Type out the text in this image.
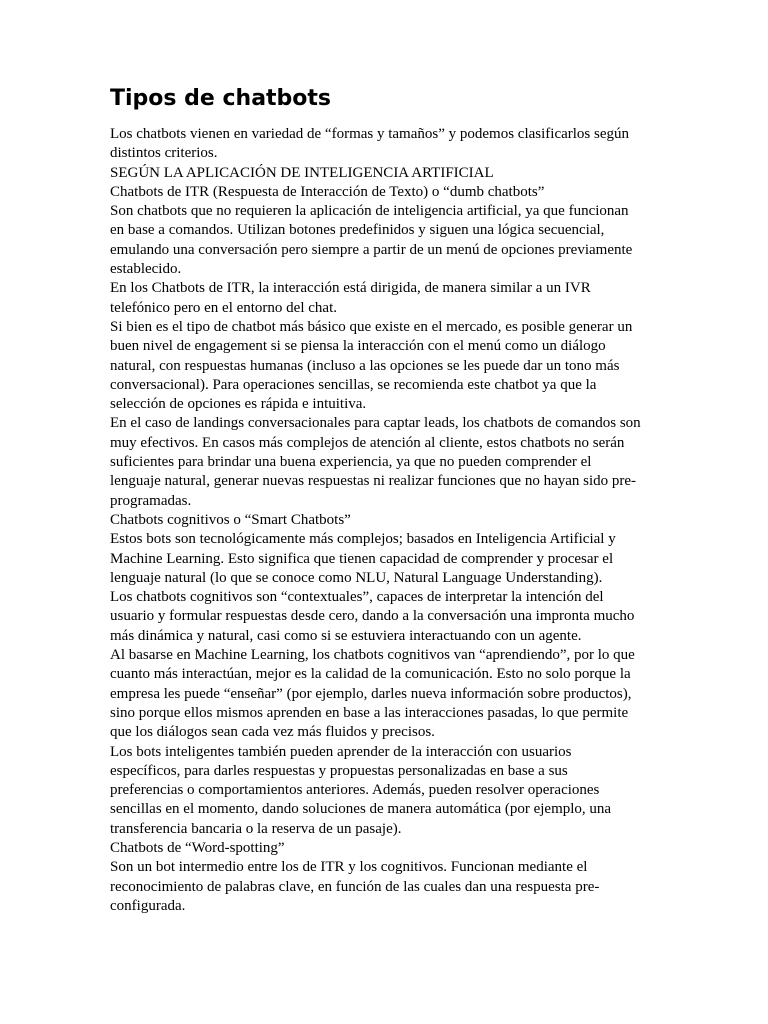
Tipos de chatbots

Los chatbots vienen en variedad de “formas y tamaños” y podemos clasificarlos según
distintos criterios.

SEGÚN LA APLICACIÓN DE INTELIGENCIA ARTIFICIAL

Chatbots de ITR (Respuesta de Interacción de Texto) o “dumb chatbots”

Son chatbots que no requieren la aplicación de inteligencia artificial, ya que funcionan
en base a comandos. Utilizan botones predefinidos y siguen una lógica secuencial,
emulando una conversación pero siempre a partir de un menú de opciones previamente
establecido.

En los Chatbots de ITR, la interacción está dirigida, de manera similar a un IVR
telefónico pero en el entorno del chat.

Si bien es el tipo de chatbot más básico que existe en el mercado, es posible generar un
buen nivel de engagement si se piensa la interacción con el menú como un diálogo
natural, con respuestas humanas (incluso a las opciones se les puede dar un tono más
conversacional). Para operaciones sencillas, se recomienda este chatbot ya que la
selección de opciones es rápida e intuitiva.

En el caso de landings conversacionales para captar leads, los chatbots de comandos son
muy efectivos. En casos más complejos de atención al cliente, estos chatbots no serán
suficientes para brindar una buena experiencia, ya que no pueden comprender el
lenguaje natural, generar nuevas respuestas ni realizar funciones que no hayan sido pre-
programadas.

Chatbots cognitivos o “Smart Chatbots”

Estos bots son tecnológicamente más complejos; basados en Inteligencia Artificial y
Machine Learning. Esto significa que tienen capacidad de comprender y procesar el
lenguaje natural (lo que se conoce como NLU, Natural Language Understanding).

Los chatbots cognitivos son “contextuales”, capaces de interpretar la intención del
usuario y formular respuestas desde cero, dando a la conversación una impronta mucho
más dinámica y natural, casi como si se estuviera interactuando con un agente.

Al basarse en Machine Learning, los chatbots cognitivos van “aprendiendo”, por lo que
cuanto más interactúan, mejor es la calidad de la comunicación. Esto no solo porque la
empresa les puede “enseñar” (por ejemplo, darles nueva información sobre productos),
sino porque ellos mismos aprenden en base a las interacciones pasadas, lo que permite
que los diálogos sean cada vez más fluidos y precisos.

Los bots inteligentes también pueden aprender de la interacción con usuarios
específicos, para darles respuestas y propuestas personalizadas en base a sus
preferencias o comportamientos anteriores. Además, pueden resolver operaciones
sencillas en el momento, dando soluciones de manera automática (por ejemplo, una
transferencia bancaria o la reserva de un pasaje).

Chatbots de “Word-spotting”

Son un bot intermedio entre los de ITR y los cognitivos. Funcionan mediante el
reconocimiento de palabras clave, en función de las cuales dan una respuesta pre-
configurada.
